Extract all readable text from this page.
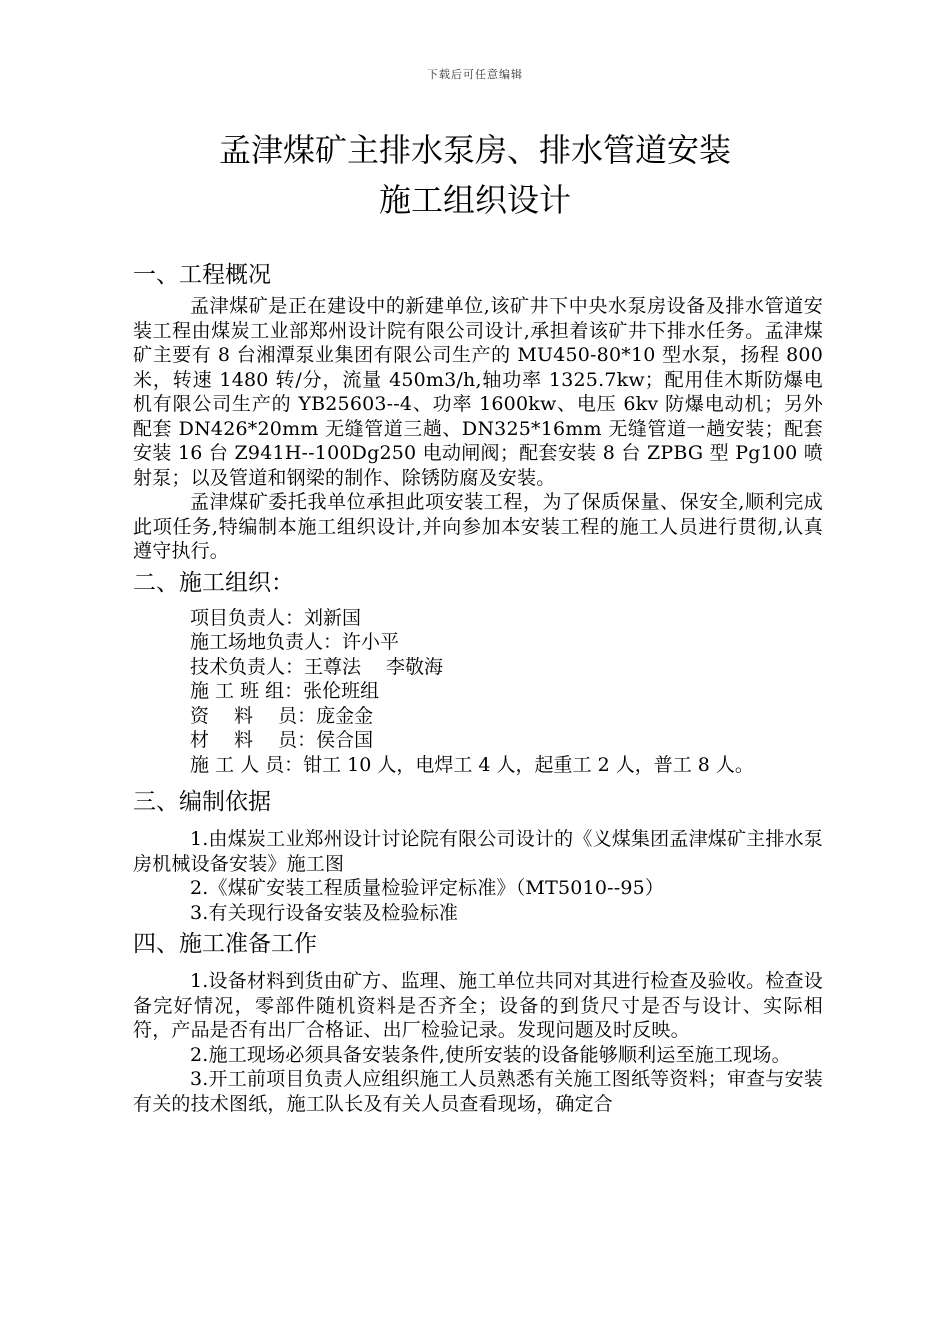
下载后可任意编辑
孟津煤矿主排水泵房、排水管道安装
施工组织设计
一、工程概况

孟津煤矿是正在建设中的新建单位,该矿井下中央水泵房设备及排水管道安装工程由煤炭工业部郑州设计院有限公司设计,承担着该矿井下排水任务。孟津煤矿主要有 8 台湘潭泵业集团有限公司生产的 MU450-80*10 型水泵，扬程 800 米，转速 1480 转/分，流量 450m3/h,轴功率 1325.7kw；配用佳木斯防爆电机有限公司生产的 YB25603--4、功率 1600kw、电压 6kv 防爆电动机；另外配套 DN426*20mm 无缝管道三趟、DN325*16mm 无缝管道一趟安装；配套安装 16 台 Z941H--100Dg250 电动闸阀；配套安装 8 台 ZPBG 型 Pg100 喷射泵；以及管道和钢梁的制作、除锈防腐及安装。

孟津煤矿委托我单位承担此项安装工程，为了保质保量、保安全,顺利完成此项任务,特编制本施工组织设计,并向参加本安装工程的施工人员进行贯彻,认真遵守执行。

二、施工组织：
项目负责人：刘新国
施工场地负责人：许小平
技术负责人：王尊法　 李敬海
施 工 班 组：张伦班组
资　 料　 员：庞金金
材　 料　 员：侯合国
施 工 人 员：钳工 10 人，电焊工 4 人，起重工 2 人，普工 8 人。
三、编制依据

1.由煤炭工业郑州设计讨论院有限公司设计的《义煤集团孟津煤矿主排水泵房机械设备安装》施工图

2.《煤矿安装工程质量检验评定标准》（MT5010--95）

3.有关现行设备安装及检验标准

四、施工准备工作

1.设备材料到货由矿方、监理、施工单位共同对其进行检查及验收。检查设备完好情况，零部件随机资料是否齐全；设备的到货尺寸是否与设计、实际相符，产品是否有出厂合格证、出厂检验记录。发现问题及时反映。

2.施工现场必须具备安装条件,使所安装的设备能够顺利运至施工现场。

3.开工前项目负责人应组织施工人员熟悉有关施工图纸等资料；审查与安装有关的技术图纸，施工队长及有关人员查看现场，确定合
